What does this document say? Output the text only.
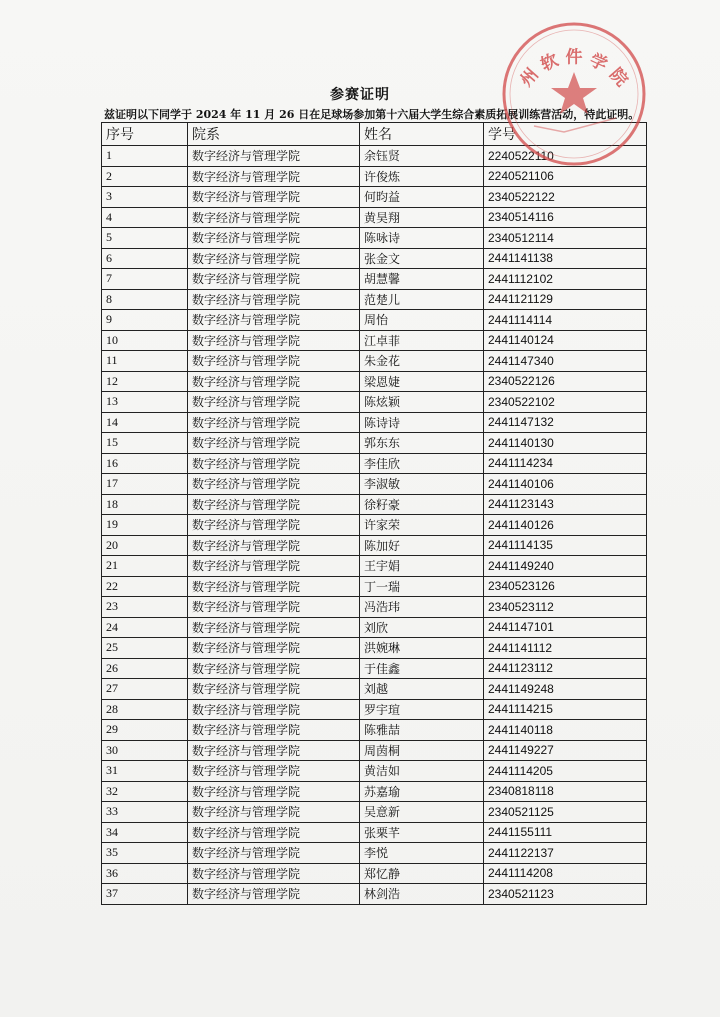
参赛证明
兹证明以下同学于 2024 年 11 月 26 日在足球场参加第十六届大学生综合素质拓展训练营活动，特此证明。
序号	院系	姓名	学号
1	数字经济与管理学院	余钰贤	2240522110
2	数字经济与管理学院	许俊炼	2240521106
3	数字经济与管理学院	何昀益	2340522122
4	数字经济与管理学院	黄昊翔	2340514116
5	数字经济与管理学院	陈咏诗	2340512114
6	数字经济与管理学院	张金文	2441141138
7	数字经济与管理学院	胡慧馨	2441112102
8	数字经济与管理学院	范楚儿	2441121129
9	数字经济与管理学院	周怡	2441114114
10	数字经济与管理学院	江卓菲	2441140124
11	数字经济与管理学院	朱金花	2441147340
12	数字经济与管理学院	梁恩婕	2340522126
13	数字经济与管理学院	陈炫颖	2340522102
14	数字经济与管理学院	陈诗诗	2441147132
15	数字经济与管理学院	郭东东	2441140130
16	数字经济与管理学院	李佳欣	2441114234
17	数字经济与管理学院	李淑敏	2441140106
18	数字经济与管理学院	徐籽豪	2441123143
19	数字经济与管理学院	许家荣	2441140126
20	数字经济与管理学院	陈加好	2441114135
21	数字经济与管理学院	王宇娟	2441149240
22	数字经济与管理学院	丁一瑞	2340523126
23	数字经济与管理学院	冯浩玮	2340523112
24	数字经济与管理学院	刘欣	2441147101
25	数字经济与管理学院	洪婉琳	2441141112
26	数字经济与管理学院	于佳鑫	2441123112
27	数字经济与管理学院	刘越	2441149248
28	数字经济与管理学院	罗宇瑄	2441114215
29	数字经济与管理学院	陈雅喆	2441140118
30	数字经济与管理学院	周茵桐	2441149227
31	数字经济与管理学院	黄洁如	2441114205
32	数字经济与管理学院	苏嘉瑜	2340818118
33	数字经济与管理学院	吴意新	2340521125
34	数字经济与管理学院	张栗芊	2441155111
35	数字经济与管理学院	李悦	2441122137
36	数字经济与管理学院	郑忆静	2441114208
37	数字经济与管理学院	林剑浩	2340521123
州 软 件 学 院
